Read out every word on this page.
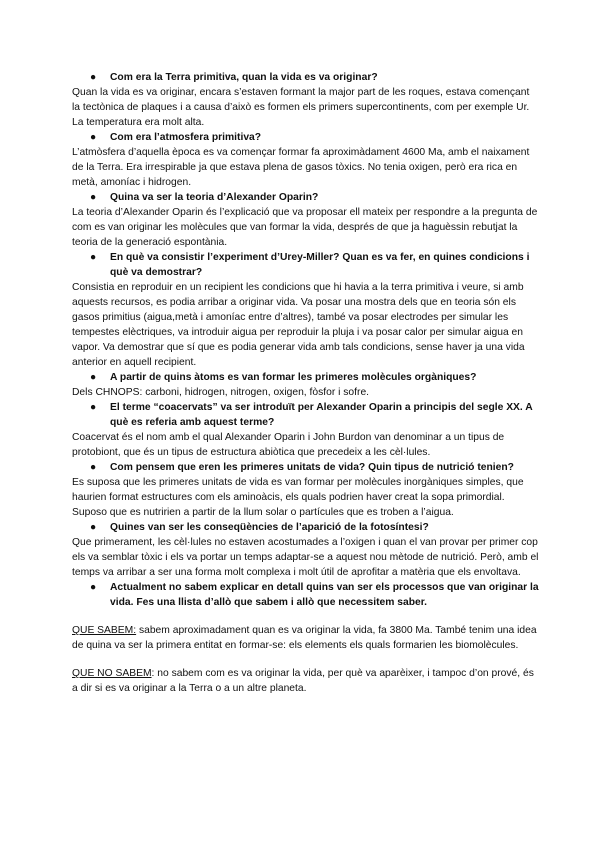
● Com era la Terra primitiva, quan la vida es va originar?

Quan la vida es va originar, encara s’estaven formant la major part de les roques, estava començant la tectònica de plaques i a causa d’això es formen els primers supercontinents, com per exemple Ur. La temperatura era molt alta.

● Com era l’atmosfera primitiva?

L’atmòsfera d’aquella època es va començar formar fa aproximàdament 4600 Ma, amb el naixament de la Terra. Era irrespirable ja que estava plena de gasos tòxics. No tenia oxigen, però era rica en metà, amoníac i hidrogen.

● Quina va ser la teoria d’Alexander Oparin?

La teoria d’Alexander Oparin és l’explicació que va proposar ell mateix per respondre a la pregunta de com es van originar les molècules que van formar la vida, després de que ja haguèssin rebutjat la teoria de la generació espontània.

● En què va consistir l’experiment d’Urey-Miller? Quan es va fer, en quines condicions i què va demostrar?

Consistia en reproduir en un recipient les condicions que hi havia a la terra primitiva i veure, si amb aquests recursos, es podia arribar a originar vida. Va posar una mostra dels que en teoria són els gasos primitius (aigua,metà i amoníac entre d’altres), també va posar electrodes per simular les tempestes elèctriques, va introduir aigua per reproduir la pluja i va posar calor per simular aigua en vapor. Va demostrar que sí que es podia generar vida amb tals condicions, sense haver ja una vida anterior en aquell recipient.

● A partir de quins àtoms es van formar les primeres molècules orgàniques?

Dels CHNOPS: carboni, hidrogen, nitrogen, oxigen, fòsfor i sofre.

● El terme “coacervats” va ser introduït per Alexander Oparin a principis del segle XX. A què es referia amb aquest terme?

Coacervat és el nom amb el qual Alexander Oparin i John Burdon van denominar a un tipus de protobiont, que és un tipus de estructura abiòtica que precedeix a les cèl·lules.

● Com pensem que eren les primeres unitats de vida? Quin tipus de nutrició tenien?

Es suposa que les primeres unitats de vida es van formar per molècules inorgàniques simples, que haurien format estructures com els aminoàcis, els quals podrien haver creat la sopa primordial. Suposo que es nutririen a partir de la llum solar o partícules que es troben a l’aigua.

● Quines van ser les conseqüències de l’aparició de la fotosíntesi?

Que primerament, les cèl·lules no estaven acostumades a l’oxigen i quan el van provar per primer cop els va semblar tòxic i els va portar un temps adaptar-se a aquest nou mètode de nutrició. Però, amb el temps va arribar a ser una forma molt complexa i molt útil de aprofitar a matèria que els envoltava.

● Actualment no sabem explicar en detall quins van ser els processos que van originar la vida. Fes una llista d’allò que sabem i allò que necessitem saber.

QUE SABEM: sabem aproximadament quan es va originar la vida, fa 3800 Ma. També tenim una idea de quina va ser la primera entitat en formar-se: els elements els quals formarien les biomolècules.

QUE NO SABEM: no sabem com es va originar la vida, per què va aparèixer, i tampoc d’on prové, és a dir si es va originar a la Terra o a un altre planeta.
